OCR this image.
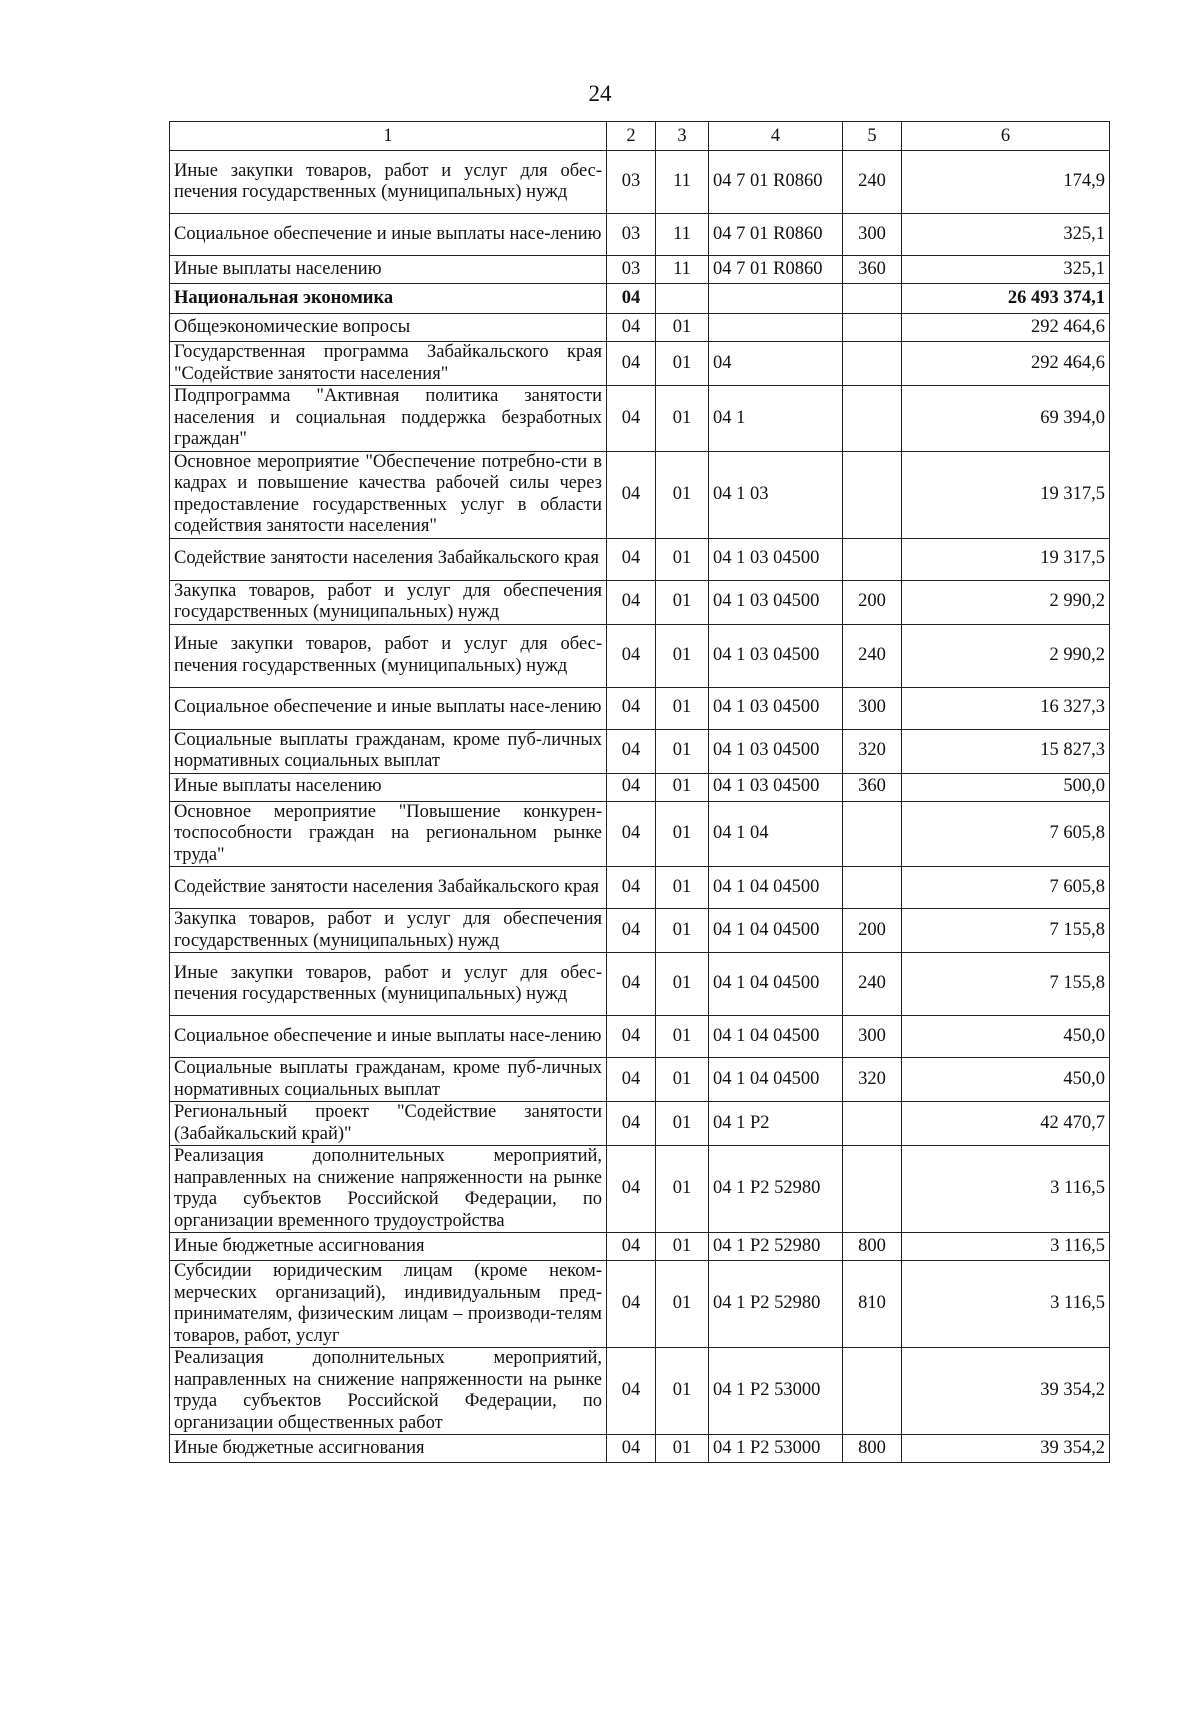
24
1	2	3	4	5	6
Иные закупки товаров, работ и услуг для обес-печения государственных (муниципальных) нужд	03	11	04 7 01 R0860	240	174,9
Социальное обеспечение и иные выплаты насе-лению	03	11	04 7 01 R0860	300	325,1
Иные выплаты населению	03	11	04 7 01 R0860	360	325,1
Национальная экономика	04				26 493 374,1
Общеэкономические вопросы	04	01			292 464,6
Государственная программа Забайкальского края "Содействие занятости населения"	04	01	04		292 464,6
Подпрограмма "Активная политика занятости населения и социальная поддержка безработных граждан"	04	01	04 1		69 394,0
Основное мероприятие "Обеспечение потребно-сти в кадрах и повышение качества рабочей силы через предоставление государственных услуг в области содействия занятости населения"	04	01	04 1 03		19 317,5
Содействие занятости населения Забайкальского края	04	01	04 1 03 04500		19 317,5
Закупка товаров, работ и услуг для обеспечения государственных (муниципальных) нужд	04	01	04 1 03 04500	200	2 990,2
Иные закупки товаров, работ и услуг для обес-печения государственных (муниципальных) нужд	04	01	04 1 03 04500	240	2 990,2
Социальное обеспечение и иные выплаты насе-лению	04	01	04 1 03 04500	300	16 327,3
Социальные выплаты гражданам, кроме пуб-личных нормативных социальных выплат	04	01	04 1 03 04500	320	15 827,3
Иные выплаты населению	04	01	04 1 03 04500	360	500,0
Основное мероприятие "Повышение конкурен-тоспособности граждан на региональном рынке труда"	04	01	04 1 04		7 605,8
Содействие занятости населения Забайкальского края	04	01	04 1 04 04500		7 605,8
Закупка товаров, работ и услуг для обеспечения государственных (муниципальных) нужд	04	01	04 1 04 04500	200	7 155,8
Иные закупки товаров, работ и услуг для обес-печения государственных (муниципальных) нужд	04	01	04 1 04 04500	240	7 155,8
Социальное обеспечение и иные выплаты насе-лению	04	01	04 1 04 04500	300	450,0
Социальные выплаты гражданам, кроме пуб-личных нормативных социальных выплат	04	01	04 1 04 04500	320	450,0
Региональный проект "Содействие занятости (Забайкальский край)"	04	01	04 1 P2		42 470,7
Реализация дополнительных мероприятий, направленных на снижение напряженности на рынке труда субъектов Российской Федерации, по организации временного трудоустройства	04	01	04 1 P2 52980		3 116,5
Иные бюджетные ассигнования	04	01	04 1 P2 52980	800	3 116,5
Субсидии юридическим лицам (кроме неком-мерческих организаций), индивидуальным пред-принимателям, физическим лицам – производи-телям товаров, работ, услуг	04	01	04 1 P2 52980	810	3 116,5
Реализация дополнительных мероприятий, направленных на снижение напряженности на рынке труда субъектов Российской Федерации, по организации общественных работ	04	01	04 1 P2 53000		39 354,2
Иные бюджетные ассигнования	04	01	04 1 P2 53000	800	39 354,2
